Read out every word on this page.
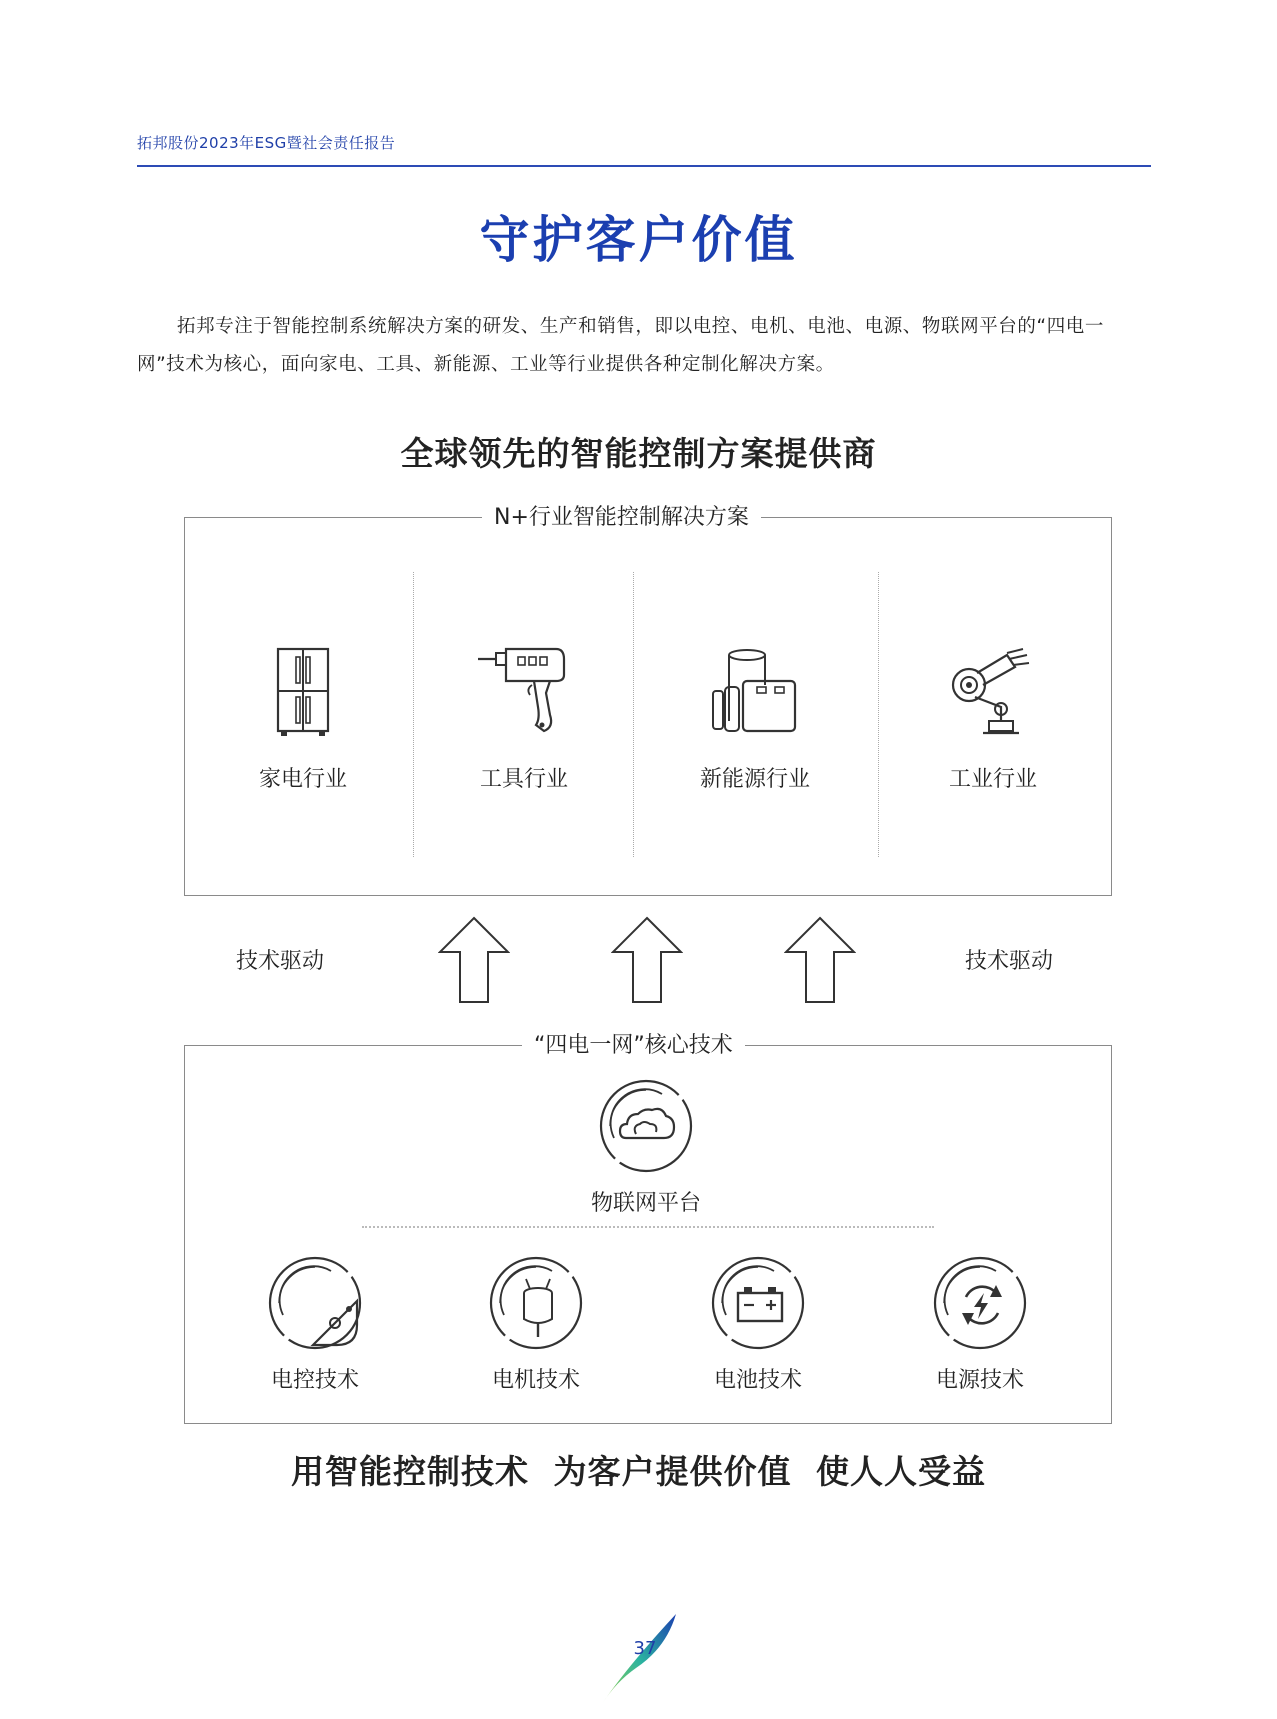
拓邦股份2023年ESG暨社会责任报告
守护客户价值

拓邦专注于智能控制系统解决方案的研发、生产和销售，即以电控、电机、电池、电源、物联网平台的“四电一网”技术为核心，面向家电、工具、新能源、工业等行业提供各种定制化解决方案。

全球领先的智能控制方案提供商
N+行业智能控制解决方案
家电行业	工具行业	新能源行业	工业行业
技术驱动	技术驱动
“四电一网”核心技术
物联网平台
电控技术	电机技术	电池技术	电源技术
用智能控制技术 为客户提供价值 使人人受益
37
